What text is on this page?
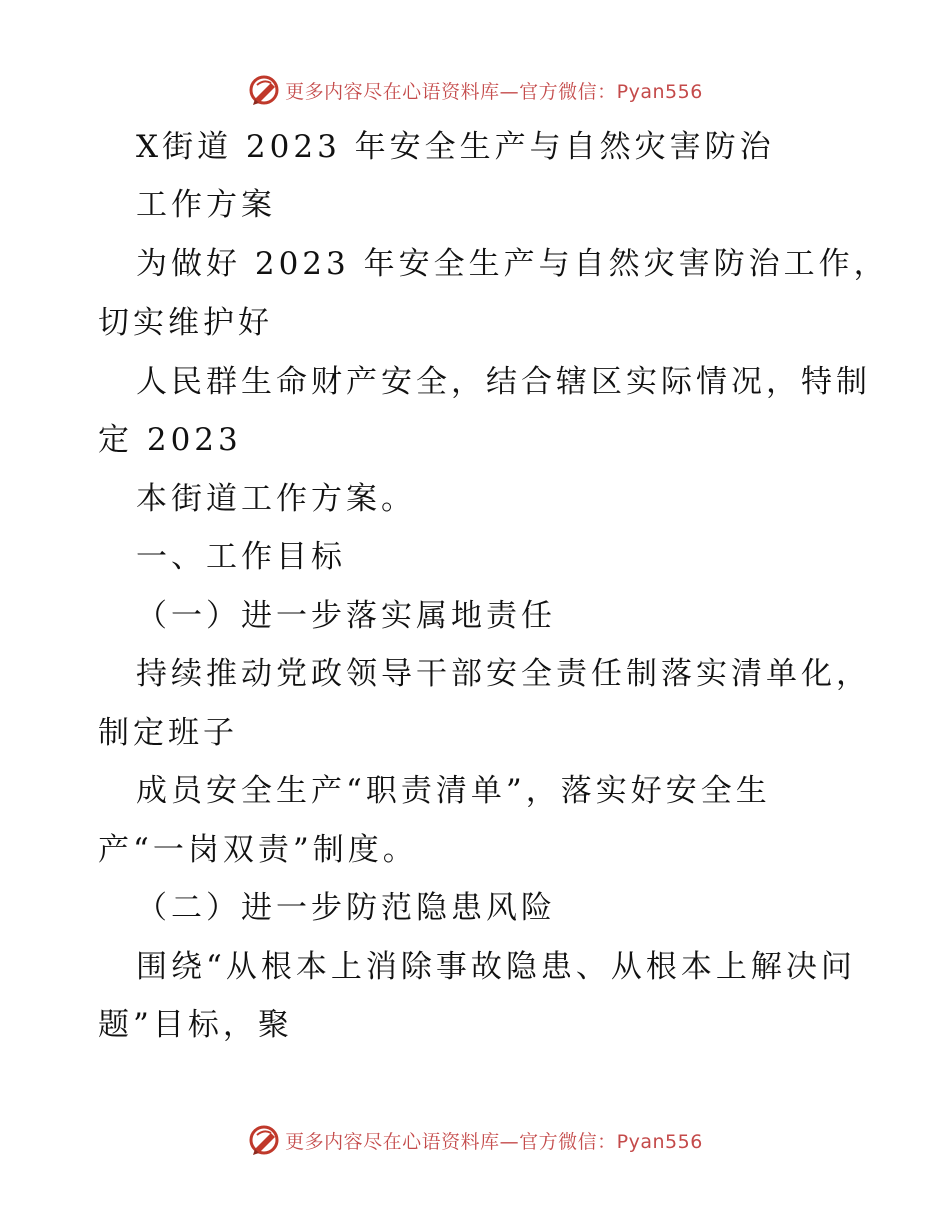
更多内容尽在心语资料库—官方微信：Pyan556
X街道 2023 年安全生产与自然灾害防治
工作方案
为做好 2023 年安全生产与自然灾害防治工作，
切实维护好
人民群生命财产安全，结合辖区实际情况，特制
定 2023
本街道工作方案。
一、工作目标
（一）进一步落实属地责任
持续推动党政领导干部安全责任制落实清单化，
制定班子
成员安全生产“职责清单”，落实好安全生
产“一岗双责”制度。
（二）进一步防范隐患风险
围绕“从根本上消除事故隐患、从根本上解决问
题”目标，聚
更多内容尽在心语资料库—官方微信：Pyan556
